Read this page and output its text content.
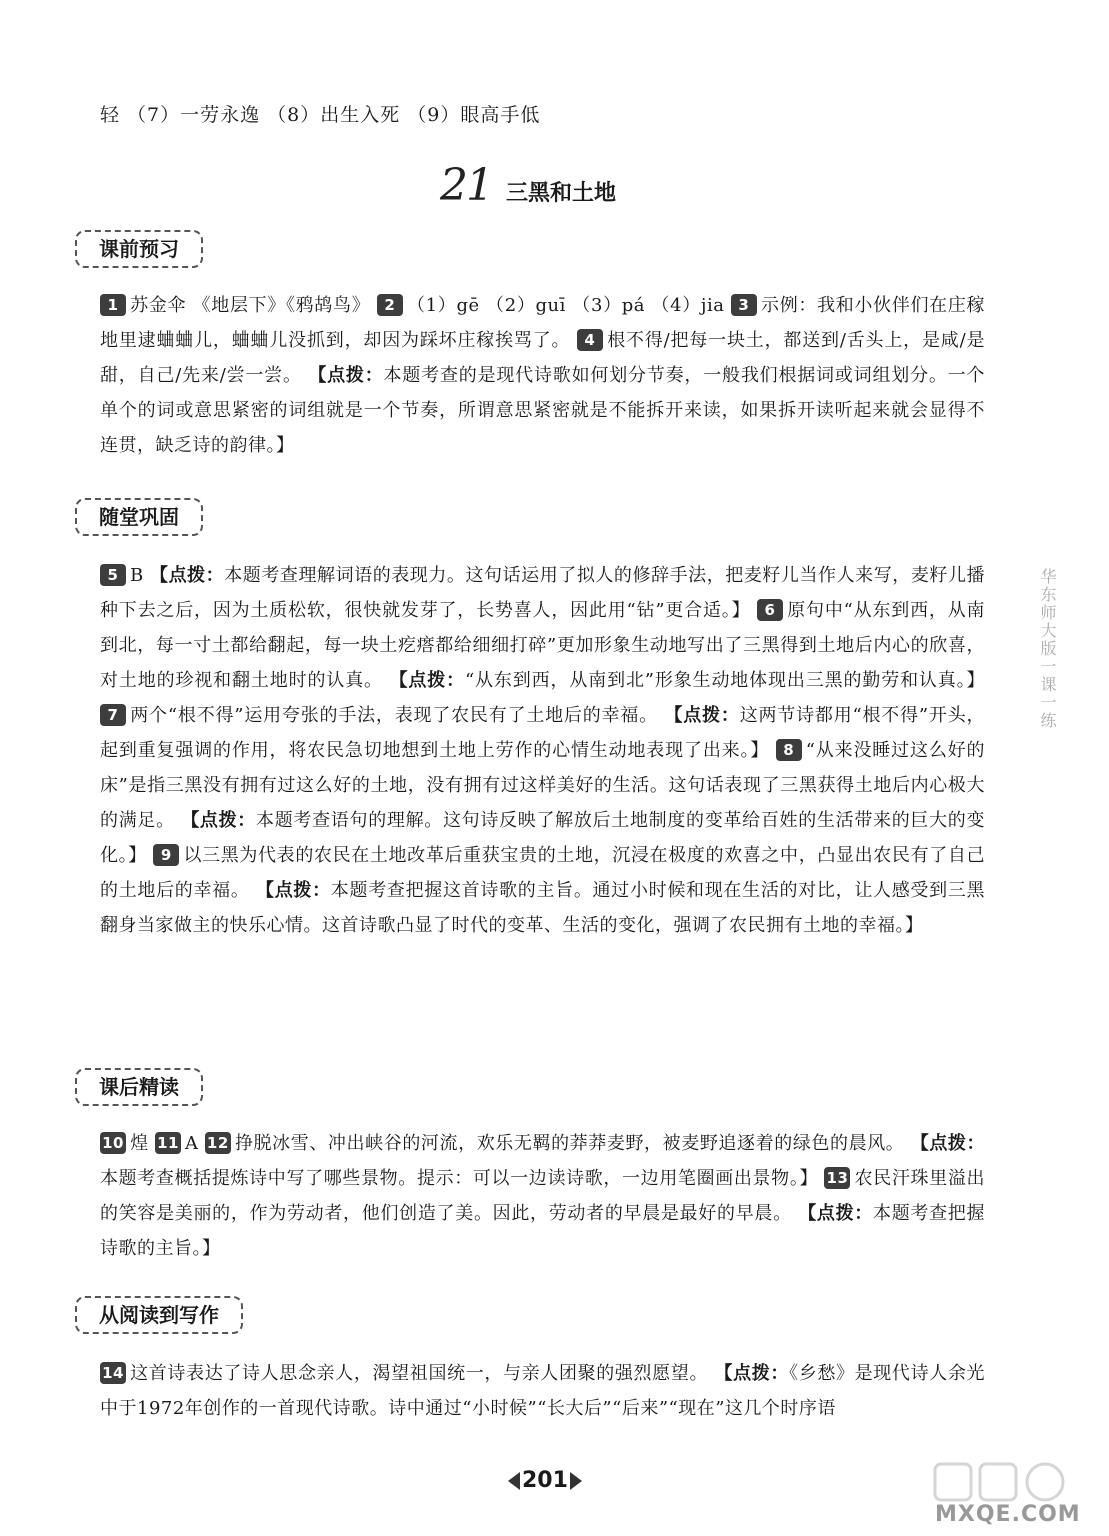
轻 （7）一劳永逸 （8）出生入死 （9）眼高手低
21 三黑和土地
课前预习
1 苏金伞 《地层下》《鸦鸪鸟》 2 （1）gē （2）guī （3）pá （4）jia 3 示例：我和小伙伴们在庄稼地里逮蛐蛐儿，蛐蛐儿没抓到，却因为踩坏庄稼挨骂了。 4 根不得/把每一块土，都送到/舌头上，是咸/是甜，自己/先来/尝一尝。 【点拨：本题考查的是现代诗歌如何划分节奏，一般我们根据词或词组划分。一个单个的词或意思紧密的词组就是一个节奏，所谓意思紧密就是不能拆开来读，如果拆开读听起来就会显得不连贯，缺乏诗的韵律。】
随堂巩固
5 B 【点拨：本题考查理解词语的表现力。这句话运用了拟人的修辞手法，把麦籽儿当作人来写，麦籽儿播种下去之后，因为土质松软，很快就发芽了，长势喜人，因此用“钻”更合适。】 6 原句中“从东到西，从南到北，每一寸土都给翻起，每一块土疙瘩都给细细打碎”更加形象生动地写出了三黑得到土地后内心的欣喜，对土地的珍视和翻土地时的认真。 【点拨：“从东到西，从南到北”形象生动地体现出三黑的勤劳和认真。】 7 两个“根不得”运用夸张的手法，表现了农民有了土地后的幸福。 【点拨：这两节诗都用“根不得”开头，起到重复强调的作用，将农民急切地想到土地上劳作的心情生动地表现了出来。】 8 “从来没睡过这么好的床”是指三黑没有拥有过这么好的土地，没有拥有过这样美好的生活。这句话表现了三黑获得土地后内心极大的满足。 【点拨：本题考查语句的理解。这句诗反映了解放后土地制度的变革给百姓的生活带来的巨大的变化。】 9 以三黑为代表的农民在土地改革后重获宝贵的土地，沉浸在极度的欢喜之中，凸显出农民有了自己的土地后的幸福。 【点拨：本题考查把握这首诗歌的主旨。通过小时候和现在生活的对比，让人感受到三黑翻身当家做主的快乐心情。这首诗歌凸显了时代的变革、生活的变化，强调了农民拥有土地的幸福。】
课后精读
10 煌 11 A 12 挣脱冰雪、冲出峡谷的河流，欢乐无羁的莽莽麦野，被麦野追逐着的绿色的晨风。 【点拨：本题考查概括提炼诗中写了哪些景物。提示：可以一边读诗歌，一边用笔圈画出景物。】 13 农民汗珠里溢出的笑容是美丽的，作为劳动者，他们创造了美。因此，劳动者的早晨是最好的早晨。 【点拨：本题考查把握诗歌的主旨。】
从阅读到写作
14 这首诗表达了诗人思念亲人，渴望祖国统一，与亲人团聚的强烈愿望。 【点拨：《乡愁》是现代诗人余光中于1972年创作的一首现代诗歌。诗中通过“小时候”“长大后”“后来”“现在”这几个时序语
华东师大版一课一练
201
MXQE.COM
